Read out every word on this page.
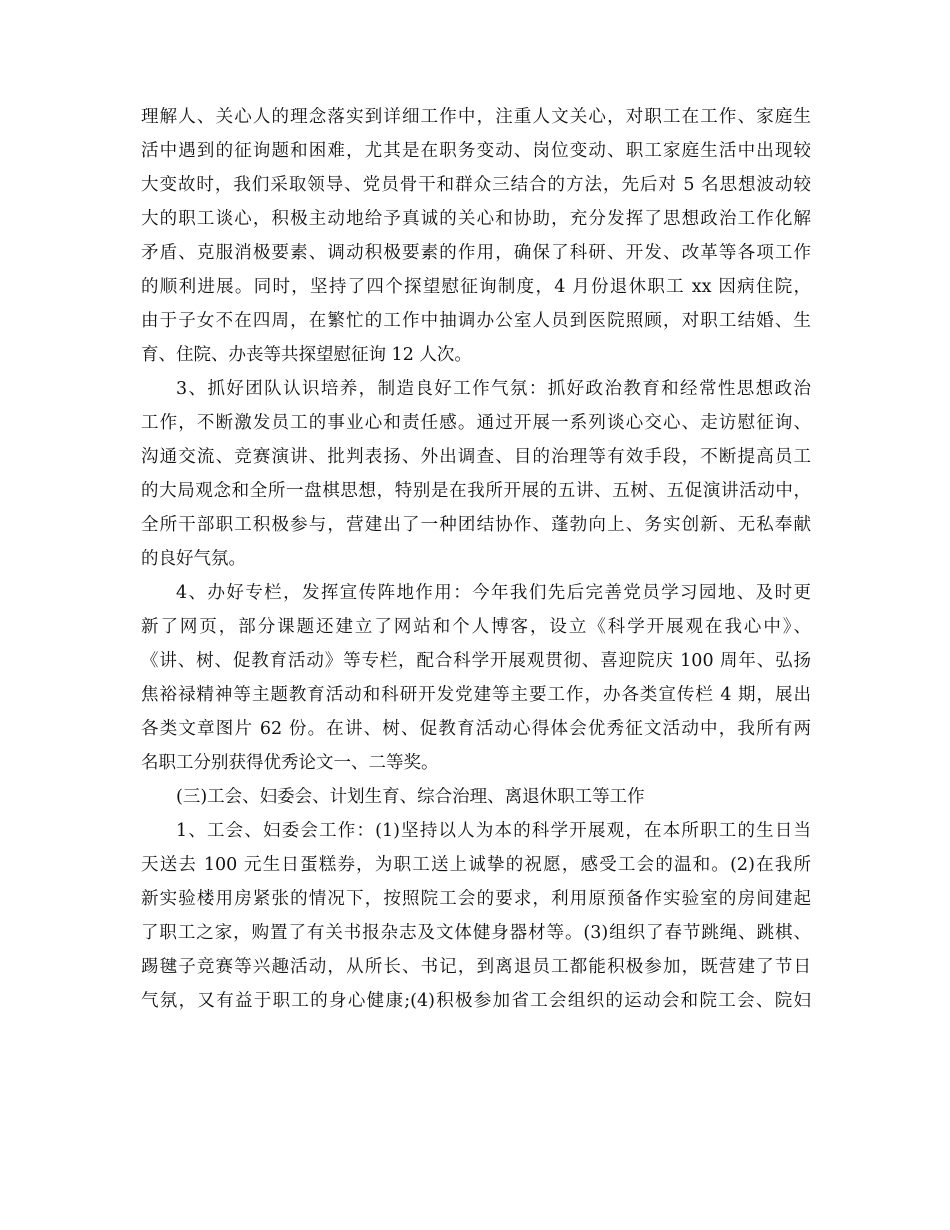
理解人、关心人的理念落实到详细工作中，注重人文关心，对职工在工作、家庭生
活中遇到的征询题和困难，尤其是在职务变动、岗位变动、职工家庭生活中出现较
大变故时，我们采取领导、党员骨干和群众三结合的方法，先后对 5 名思想波动较
大的职工谈心，积极主动地给予真诚的关心和协助，充分发挥了思想政治工作化解
矛盾、克服消极要素、调动积极要素的作用，确保了科研、开发、改革等各项工作
的顺利进展。同时，坚持了四个探望慰征询制度，4 月份退休职工 xx 因病住院，
由于子女不在四周，在繁忙的工作中抽调办公室人员到医院照顾，对职工结婚、生
育、住院、办丧等共探望慰征询 12 人次。
3、抓好团队认识培养，制造良好工作气氛：抓好政治教育和经常性思想政治
工作，不断激发员工的事业心和责任感。通过开展一系列谈心交心、走访慰征询、
沟通交流、竞赛演讲、批判表扬、外出调查、目的治理等有效手段，不断提高员工
的大局观念和全所一盘棋思想，特别是在我所开展的五讲、五树、五促演讲活动中，
全所干部职工积极参与，营建出了一种团结协作、蓬勃向上、务实创新、无私奉献
的良好气氛。
4、办好专栏，发挥宣传阵地作用：今年我们先后完善党员学习园地、及时更
新了网页，部分课题还建立了网站和个人博客，设立《科学开展观在我心中》、
《讲、树、促教育活动》等专栏，配合科学开展观贯彻、喜迎院庆 100 周年、弘扬
焦裕禄精神等主题教育活动和科研开发党建等主要工作，办各类宣传栏 4 期，展出
各类文章图片 62 份。在讲、树、促教育活动心得体会优秀征文活动中，我所有两
名职工分别获得优秀论文一、二等奖。
(三)工会、妇委会、计划生育、综合治理、离退休职工等工作
1、工会、妇委会工作：(1)坚持以人为本的科学开展观，在本所职工的生日当
天送去 100 元生日蛋糕券，为职工送上诚挚的祝愿，感受工会的温和。(2)在我所
新实验楼用房紧张的情况下，按照院工会的要求，利用原预备作实验室的房间建起
了职工之家，购置了有关书报杂志及文体健身器材等。(3)组织了春节跳绳、跳棋、
踢毽子竞赛等兴趣活动，从所长、书记，到离退员工都能积极参加，既营建了节日
气氛，又有益于职工的身心健康;(4)积极参加省工会组织的运动会和院工会、院妇
